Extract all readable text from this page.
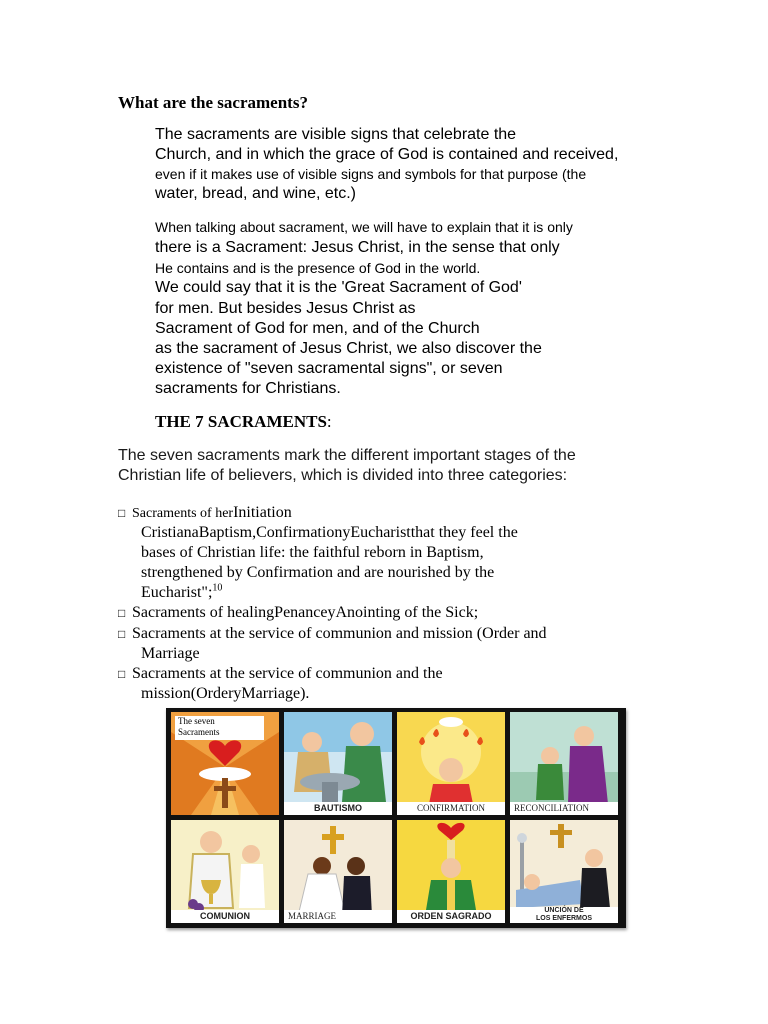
What are the sacraments?
The sacraments are visible signs that celebrate the
Church, and in which the grace of God is contained and received,
even if it makes use of visible signs and symbols for that purpose (the
water, bread, and wine, etc.)
When talking about sacrament, we will have to explain that it is only
there is a Sacrament: Jesus Christ, in the sense that only
He contains and is the presence of God in the world.
We could say that it is the 'Great Sacrament of God'
for men. But besides Jesus Christ as
Sacrament of God for men, and of the Church
as the sacrament of Jesus Christ, we also discover the
existence of "seven sacramental signs", or seven
sacraments for Christians.
THE 7 SACRAMENTS:
The seven sacraments mark the different important stages of the
Christian life of believers, which is divided into three categories:
□ Sacraments of herInitiation
CristianaBaptism,ConfirmationyEucharistthat they feel the
bases of Christian life: the faithful reborn in Baptism,
strengthened by Confirmation and are nourished by the
Eucharist";$^{10}$
□ Sacraments of healingPenanceyAnointing of the Sick;
□ Sacraments at the service of communion and mission (Order and
Marriage
□ Sacraments at the service of communion and the
mission(OrderyMarriage).
The seven
Sacraments
BAUTISMO	CONFIRMATION	RECONCILIATION
COMUNION	MARRIAGE	ORDEN SAGRADO
UNCIÓN DE
LOS ENFERMOS
